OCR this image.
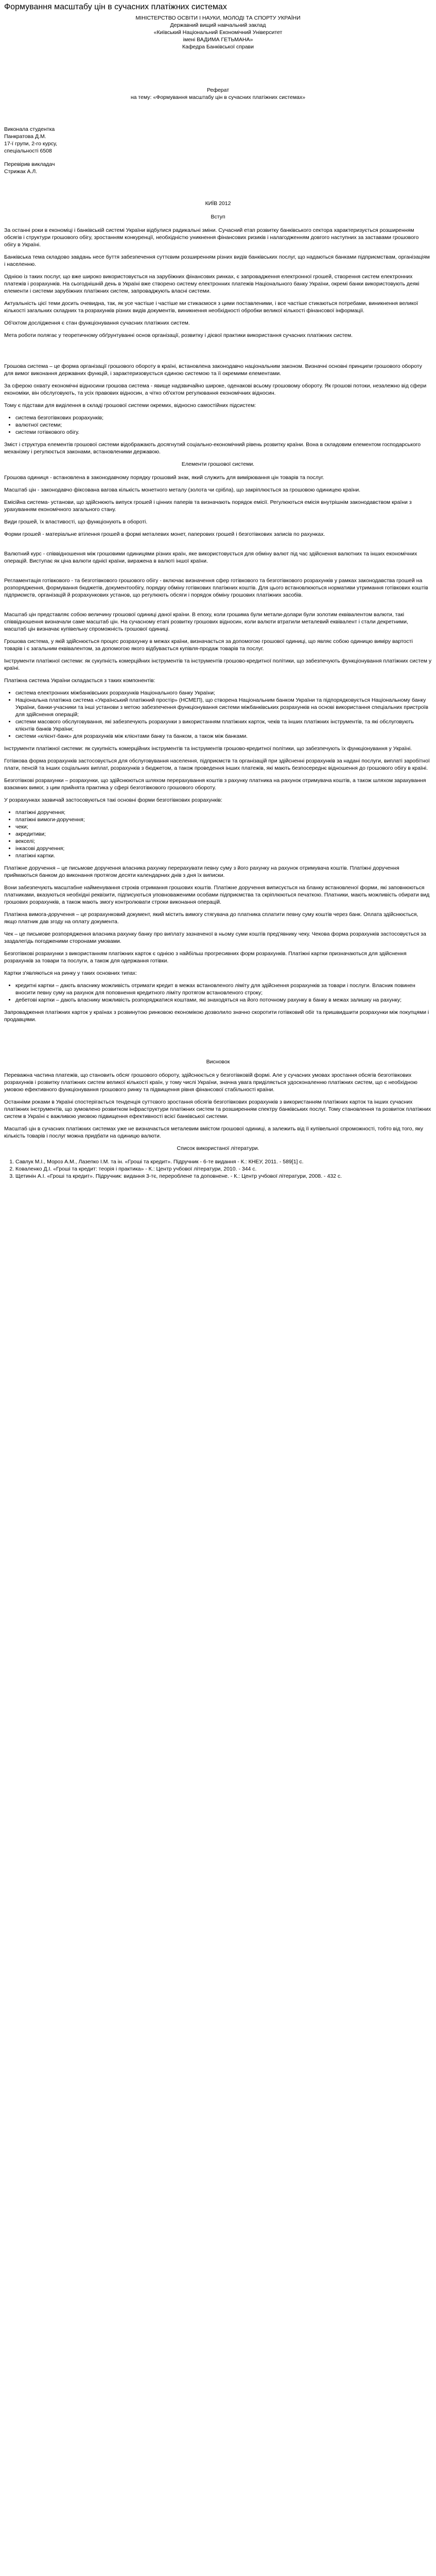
Формування масштабу цін в сучасних платіжних системах
МІНІСТЕРСТВО ОСВІТИ І НАУКИ, МОЛОДІ ТА СПОРТУ УКРАЇНИ
Державний вищий навчальний заклад
«Київський Національний Економічний Університет
імені ВАДИМА ГЕТЬМАНА»
Кафедра Банківської справи
Реферат
на тему: «Формування масштабу цін в сучасних платіжних системах»
Виконала студентка
Панкратова Д.М.
17-ї групи, 2-го курсу,
спеціальності 6508
Перевірив викладач
Стрижак А.Л.
КИЇВ 2012
Вступ

За останні роки в економіці і банківській системі України відбулися радикальні зміни. Сучасний етап розвитку банківського сектора характеризується розширенням обсягів і структури грошового обігу, зростанням конкуренції, необхідністю уникнення фінансових ризиків і налагодженням довгого наступних за заставами грошового обігу в Україні.

Банківська тема складово завдань несе буття забезпечення суттєвим розширенням різних видів банківських послуг, що надаються банками підприємствам, організаціям і населенню.

Однією із таких послуг, що вже широко використовується на зарубіжних фінансових ринках, є запровадження електронної грошей, створення систем електронних платежів і розрахунків. На сьогоднішній день в Україні вже створено систему електронних платежів Національного банку України, окремі банки використовують деякі елементи і системи зарубіжних платіжних систем, запроваджують власні системи.

Актуальність цієї теми досить очевидна, так, як усе частіше і частіше ми стикаємося з цими поставленими, і все частіше стикаються потребами, виникнення великої кількості загальних складних та розрахунків різних видів документів, виникнення необхідності обробки великої кількості фінансової інформації.

Об'єктом дослідження є стан функціонування сучасних платіжних систем.

Мета роботи полягає у теоретичному обґрунтуванні основ організації, розвитку і дієвої практики використання сучасних платіжних систем.

Грошова система – це форма організації грошового обороту в країні, встановлена законодавчо національним законом. Визначні основні принципи грошового обороту для вимог виконання державних функцій, і зарактеризовується єдиною системою та її окремими елементами.

За сферою охвату економічні відносини грошова система - явище надзвичайно широке, оденакові всьому грошовому обороту. Як грошові потоки, незалежно від сфери економіки, він обслуговують, та усіх правових відносин, а чітко об'єктом регулювання економічних відносин.

Тому є підстави для виділення в складі грошової системи окремих, відносно самостійних підсистем:

• система безготівкових розрахунків;
• валютної системи;
• системи готівкового обігу.

Зміст і структура елементів грошової системи відображають досягнутий соціально-економічний рівень розвитку країни. Вона в складовим елементом господарського механізму і регулюється законами, встановленими державою.

Елементи грошової системи.

Грошова одиниця - встановлена в законодавчому порядку грошовий знак, який служить для вимірювання цін товарів та послуг.

Масштаб цін - законодавчо фіксована вагова кількість монетного металу (золота чи срібла), що закріплюється за грошовою одиницею країни.

Емісійна система- установи, що здійснюють випуск грошей і цінних паперів та визначають порядок емісії. Регулюються емісія внутрішнім законодавством країни з урахуванням економічного загального стану.

Види грошей, їх властивості, що функціонують в обороті.

Форми грошей - матеріальне втілення грошей в формі металевих монет, паперових грошей і безготівкових записів по рахунках.

Валютний курс - співвідношення між грошовими одиницями різних країн, яке використовується для обміну валют під час здійснення валютних та інших економічних операцій. Виступає як ціна валюти однієї країни, виражена в валюті іншої країни.

Регламентація готівкового - та безготівкового грошового обігу - включає визначення сфер готівкового та безготівкового розрахунків у рамках законодавства грошей на розпорядження, формування бюджетів, документообігу, порядку обміну готівкових платіжних коштів. Для цього встановлюються нормативи утримання готівкових коштів підприємств, організацій й розрахункових установ, що регулюють обсяги і порядок обміну грошових платіжних засобів.

Масштаб цін представляє собою величину грошової одиниці даної країни. В епоху, коли грошима були метали-долари були золотим еквівалентом валюти, такі співвідношення визначали саме масштаб цін. На сучасному етапі розвитку грошових відносин, коли валюти втратили металевий еквівалент і стали декретними, масштаб цін визначає купівельну спроможність грошової одиниці.

Грошова система, у якій здійснюється процес розрахунку в межах країни, визначається за допомогою грошової одиниці, що являє собою одиницю виміру вартості товарів і є загальним еквівалентом, за допомогою якого відбувається купівля-продаж товарів та послуг.

Інструменти платіжної системи: як сукупність комерційних інструментів та інструментів грошово-кредитної політики, що забезпечують функціонування платіжних систем у країні.

Платіжна система України складається з таких компонентів:

• система електронних міжбанківських розрахунків Національного банку України;
• Національна платіжна система «Український платіжний простір» (НСМЕП), що створена Національним банком України та підпорядковується Національному банку України, банки-учасники та інші установи з метою забезпечення функціонування системи міжбанківських розрахунків на основі використання спеціальних пристроїв для здійснення операцій;
• системи масового обслуговування, які забезпечують розрахунки з використанням платіжних карток, чеків та інших платіжних інструментів, та які обслуговують клієнтів банків України;
• системи «клієнт-банк» для розрахунків між клієнтами банку та банком, а також між банками.

Інструменти платіжної системи: як сукупність комерційних інструментів та інструментів грошово-кредитної політики, що забезпечують їх функціонування у Україні.

Готівкова форма розрахунків застосовується для обслуговування населення, підприємств та організацій при здійсненні розрахунків за надані послуги, виплаті заробітної плати, пенсій та інших соціальних виплат, розрахунків з бюджетом, а також проведення інших платежів, які мають безпосереднє відношення до грошового обігу в країні.

Безготівкові розрахунки – розрахунки, що здійснюються шляхом перерахування коштів з рахунку платника на рахунок отримувача коштів, а також шляхом зарахування взаємних вимог, з цим прийнята практика у сфері безготівкового грошового обороту.

У розрахунках зазвичай застосовуються такі основні форми безготівкових розрахунків:

• платіжні доручення;
• платіжні вимоги-доручення;
• чеки;
• акредитиви;
• векселі;
• інкасові доручення;
• платіжні картки.

Платіжне доручення – це письмове доручення власника рахунку перерахувати певну суму з його рахунку на рахунок отримувача коштів. Платіжні доручення приймаються банком до виконання протягом десяти календарних днів з дня їх виписки.

Вони забезпечують масштабне найменування строків отримання грошових коштів. Платіжне доручення виписується на бланку встановленої форми, які заповнюються платниками, вказуються необхідні реквізити, підписуються уповноваженими особами підприємства та скріплюються печаткою. Платники, мають можливість обирати вид грошових розрахунків, а також мають змогу контролювати строки виконання операцій.

Платіжна вимога-доручення – це розрахунковий документ, який містить вимогу стягувача до платника сплатити певну суму коштів через банк. Оплата здійснюється, якщо платник дав згоду на оплату документа.

Чек – це письмове розпорядження власника рахунку банку про виплату зазначеної в ньому суми коштів пред'явнику чеку. Чекова форма розрахунків застосовується за заздалегідь погодженими сторонами умовами.

Безготівкові розрахунки з використанням платіжних карток є однією з найбільш прогресивних форм розрахунків. Платіжні картки призначаються для здійснення розрахунків за товари та послуги, а також для одержання готівки.

Картки з'являються на ринку у таких основних типах:

• кредитні картки – дають власнику можливість отримати кредит в межах встановленого ліміту для здійснення розрахунків за товари і послуги. Власник повинен вносити певну суму на рахунок для поповнення кредитного ліміту протягом встановленого строку;
• дебетові картки – дають власнику можливість розпоряджатися коштами, які знаходяться на його поточному рахунку в банку в межах залишку на рахунку;

Запровадження платіжних карток у країнах з розвинутою ринковою економікою дозволило значно скоротити готівковий обіг та пришвидшити розрахунки між покупцями і продавцями.

Висновок

Переважна частина платежів, що становить обсяг грошового обороту, здійснюється у безготівковій формі. Але у сучасних умовах зростання обсягів безготівкових розрахунків і розвитку платіжних систем великої кількості країн, у тому числі України, значна увага приділяється удосконаленню платіжних систем, що є необхідною умовою ефективного функціонування грошового ринку та підвищення рівня фінансової стабільності країни.

Останніми роками в Україні спостерігається тенденція суттєвого зростання обсягів безготівкових розрахунків з використанням платіжних карток та інших сучасних платіжних інструментів, що зумовлено розвитком інфраструктури платіжних систем та розширенням спектру банківських послуг. Тому становлення та розвиток платіжних систем в Україні є важливою умовою підвищення ефективності всієї банківської системи.

Масштаб цін в сучасних платіжних системах уже не визначається металевим вмістом грошової одиниці, а залежить від її купівельної спроможності, тобто від того, яку кількість товарів і послуг можна придбати на одиницю валюти.

Список використаної літератури.
1. Савлук М.І., Мороз А.М., Лазепко І.М. та ін. «Гроші та кредит». Підручник - 6-те видання - К.: КНЕУ, 2011. - 589[1] с.
2. Коваленко Д.І. «Гроші та кредит: теорія і практика» - К.: Центр учбової літератури, 2010. - 344 с.
3. Щетинін А.І. «Гроші та кредит». Підручник: видання 3-тє, перероблене та доповнене. - К.: Центр учбової літератури, 2008. - 432 с.
